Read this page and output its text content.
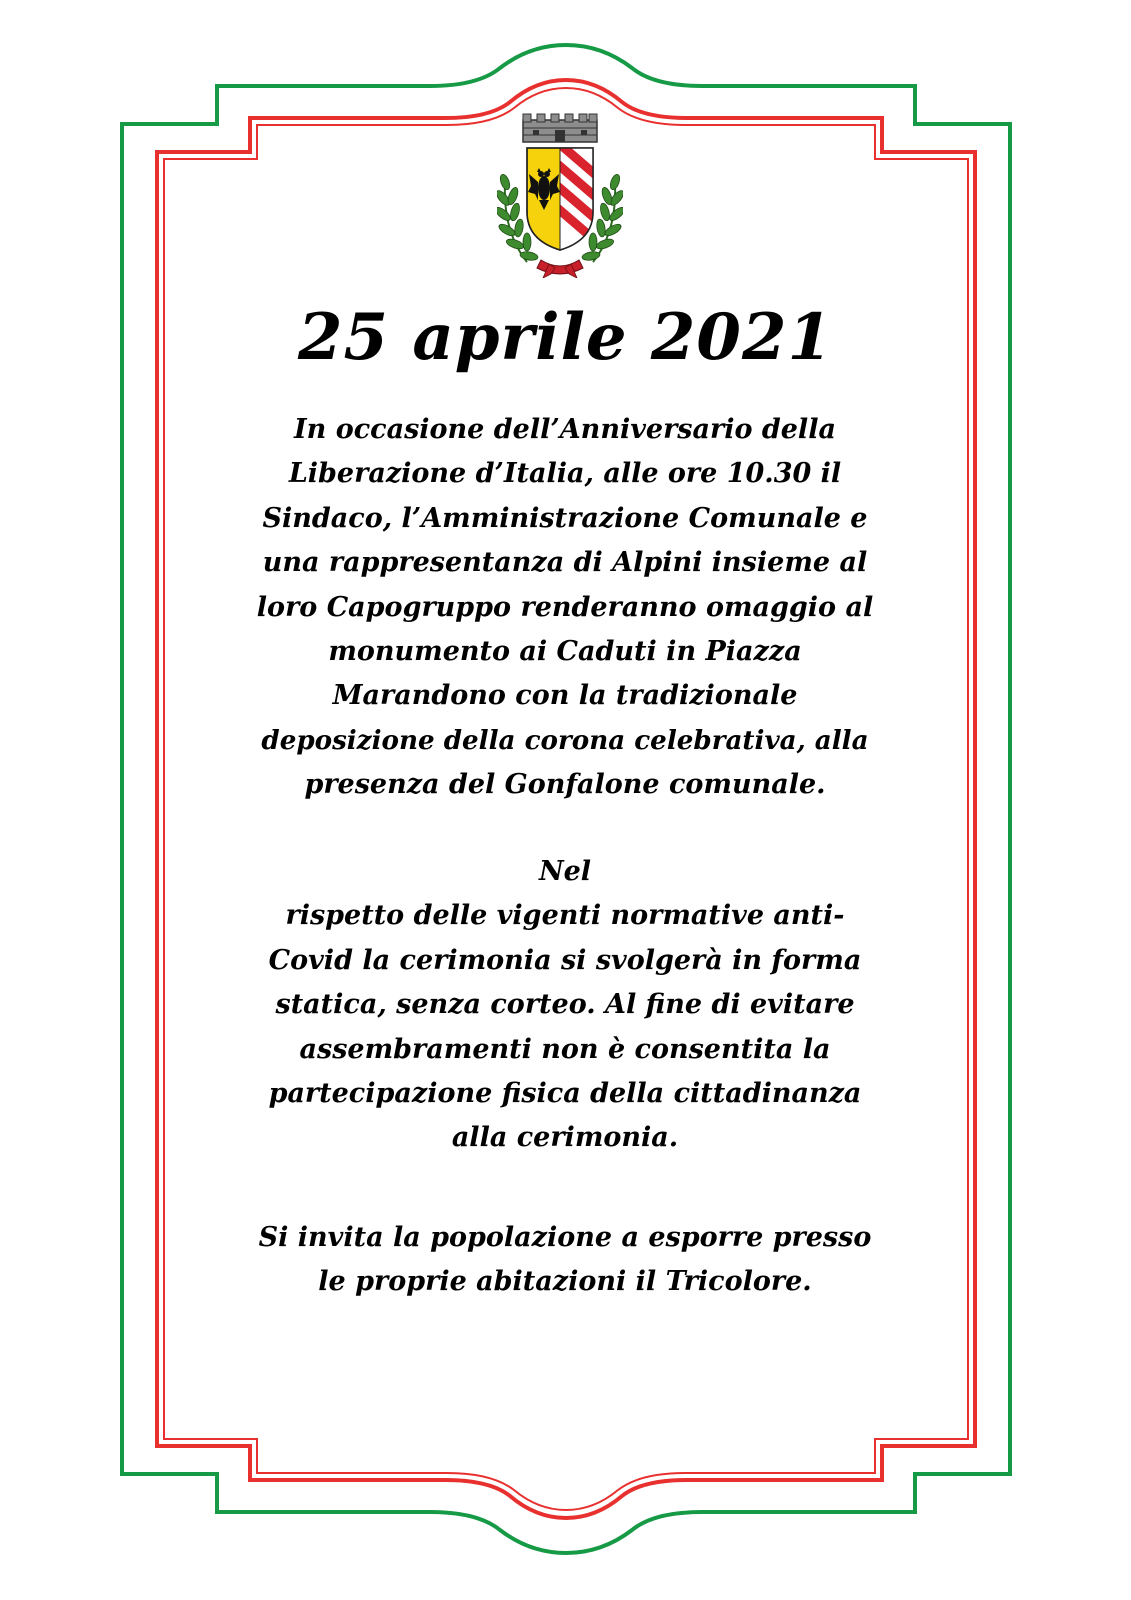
25 aprile 2021

In occasione dell’Anniversario della
Liberazione d’Italia, alle ore 10.30 il
Sindaco, l’Amministrazione Comunale e
una rappresentanza di Alpini insieme al
loro Capogruppo renderanno omaggio al
monumento ai Caduti in Piazza
Marandono con la tradizionale
deposizione della corona celebrativa, alla
presenza del Gonfalone comunale.

Nel
rispetto delle vigenti normative anti-
Covid la cerimonia si svolgerà in forma
statica, senza corteo. Al fine di evitare
assembramenti non è consentita la
partecipazione fisica della cittadinanza
alla cerimonia.

Si invita la popolazione a esporre presso
le proprie abitazioni il Tricolore.
